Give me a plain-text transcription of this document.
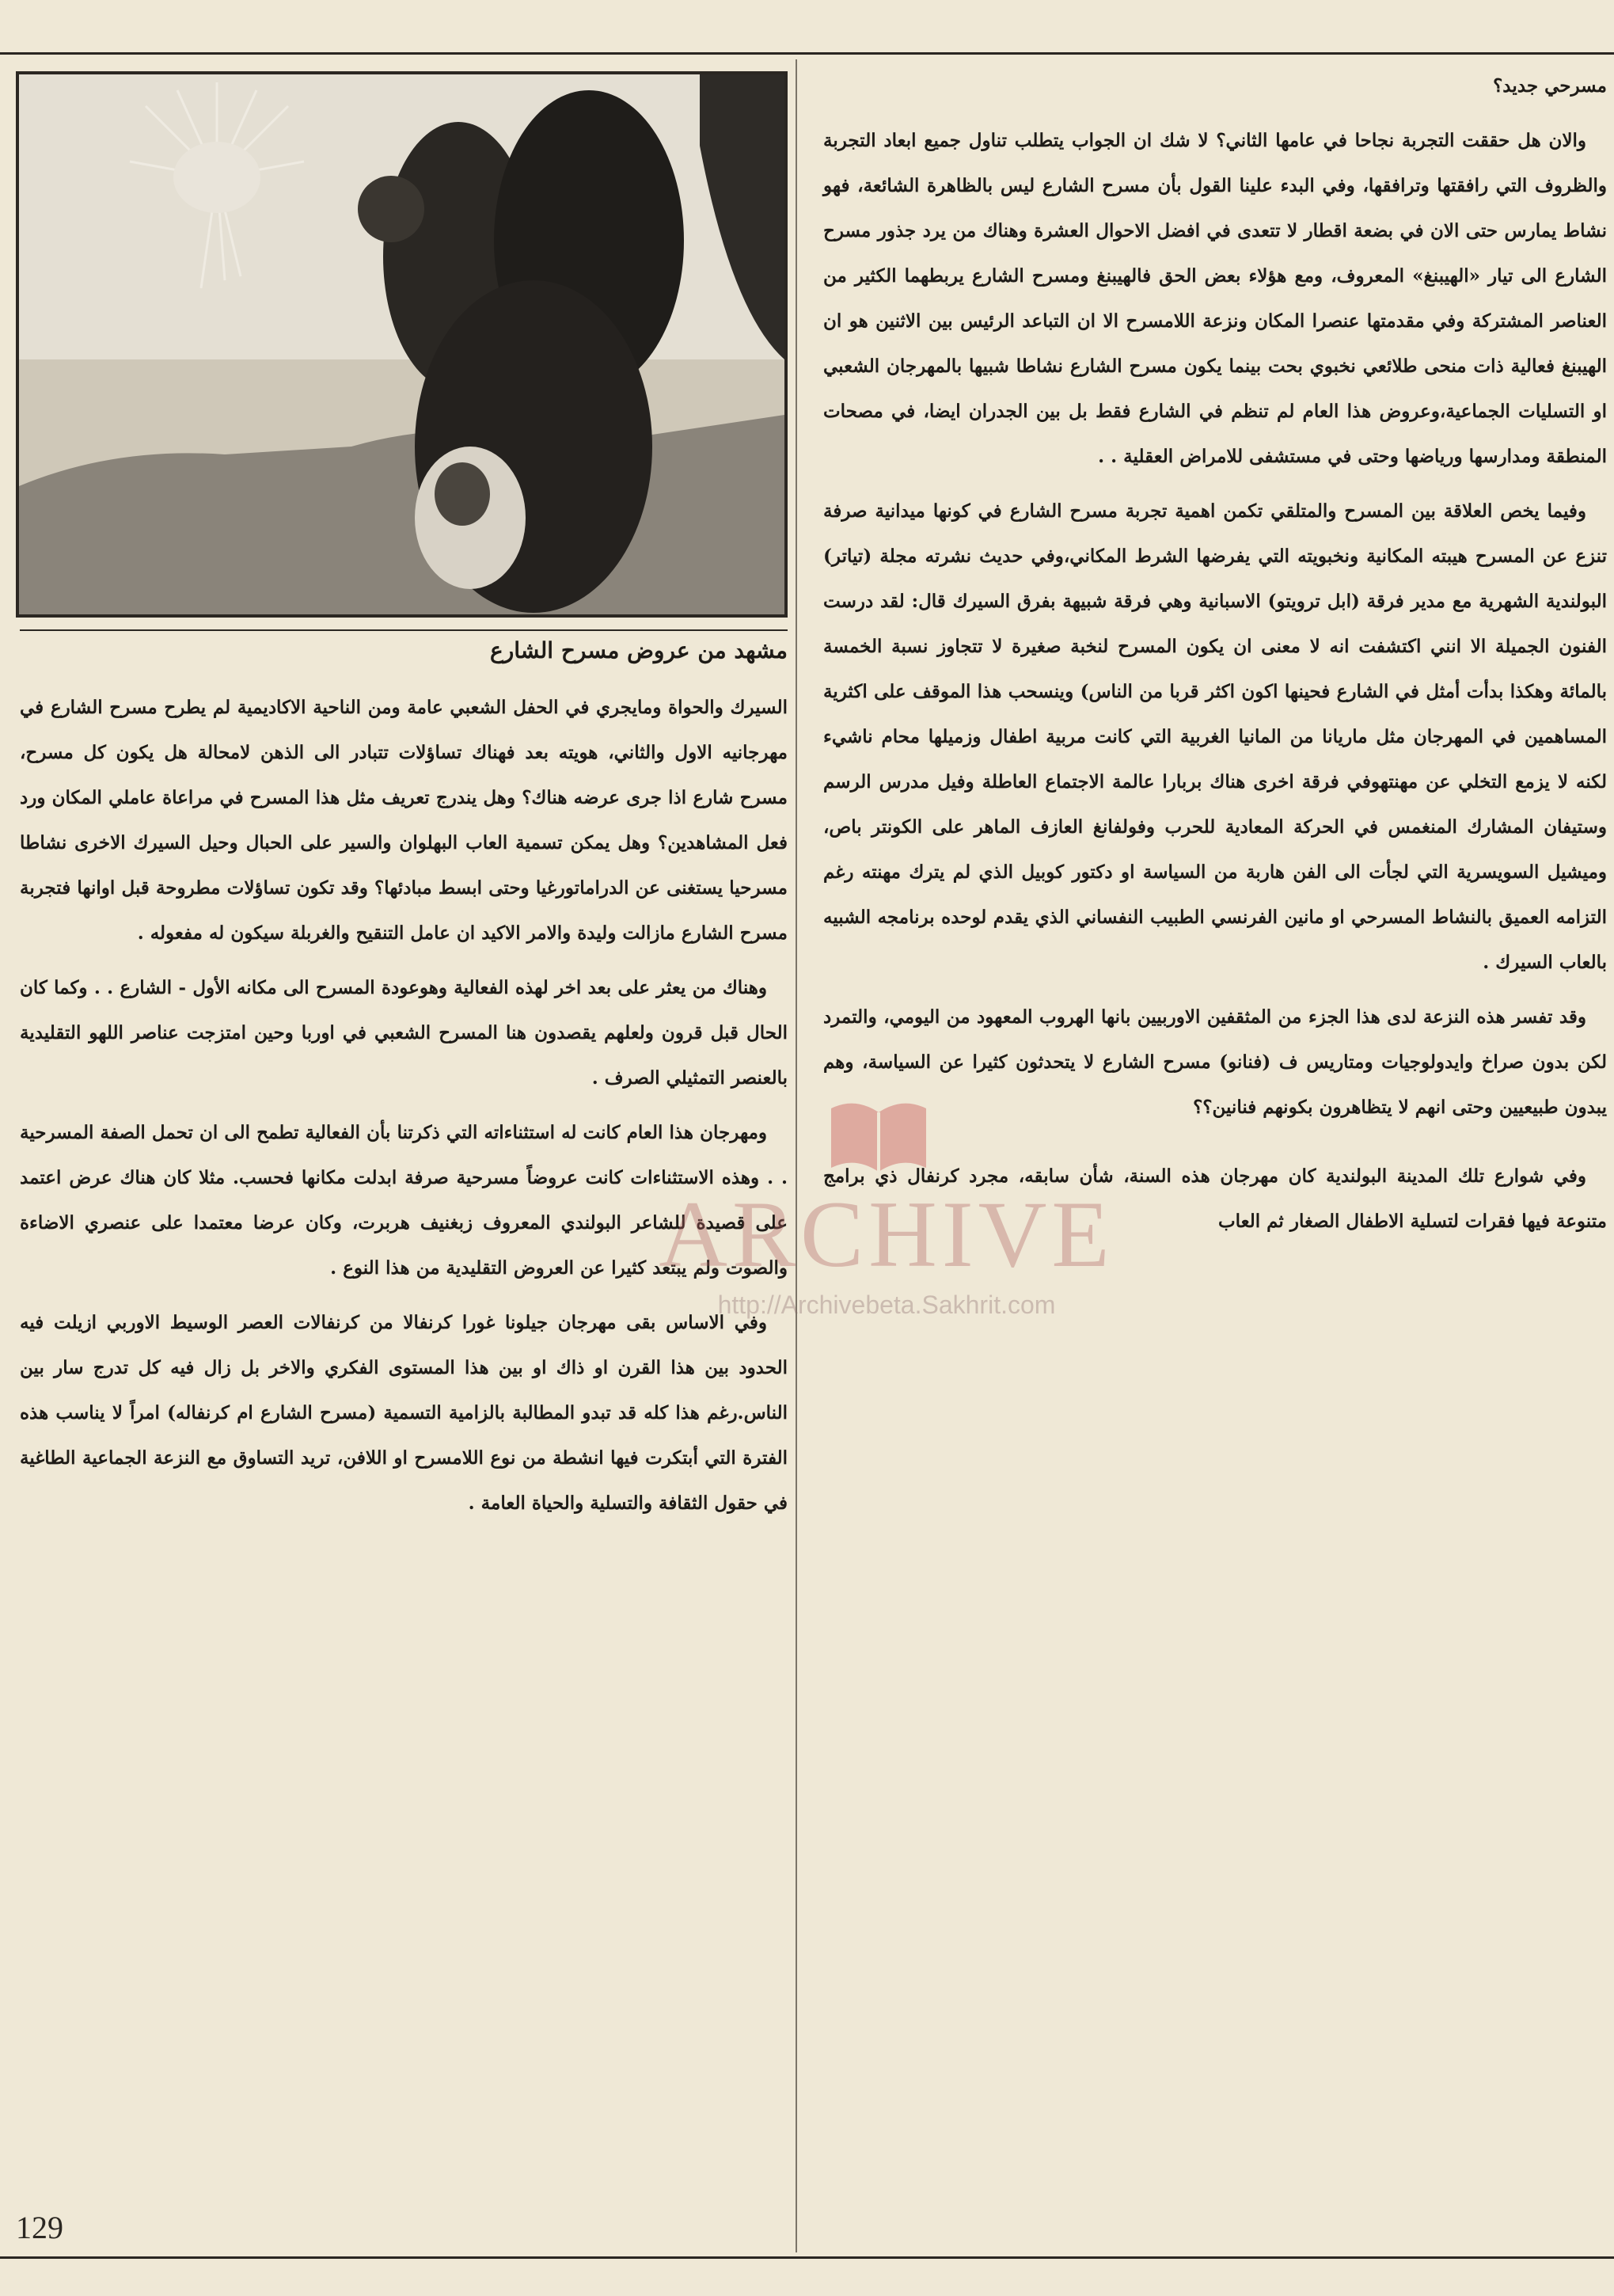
مشهد من عروض مسرح الشارع

مسرحي جديد؟

والان هل حققت التجربة نجاحا في عامها الثاني؟ لا شك ان الجواب يتطلب تناول جميع ابعاد التجربة والظروف التي رافقتها وترافقها، وفي البدء علينا القول بأن مسرح الشارع ليس بالظاهرة الشائعة، فهو نشاط يمارس حتى الان في بضعة اقطار لا تتعدى في افضل الاحوال العشرة وهناك من يرد جذور مسرح الشارع الى تيار «الهيبنغ» المعروف، ومع هؤلاء بعض الحق فالهيبنغ ومسرح الشارع يربطهما الكثير من العناصر المشتركة وفي مقدمتها عنصرا المكان ونزعة اللامسرح الا ان التباعد الرئيس بين الاثنين هو ان الهيبنغ فعالية ذات منحى طلائعي نخبوي بحت بينما يكون مسرح الشارع نشاطا شبيها بالمهرجان الشعبي او التسليات الجماعية،وعروض هذا العام لم تنظم في الشارع فقط بل بين الجدران ايضا، في مصحات المنطقة ومدارسها ورياضها وحتى في مستشفى للامراض العقلية . .

وفيما يخص العلاقة بين المسرح والمتلقي تكمن اهمية تجربة مسرح الشارع في كونها ميدانية صرفة تنزع عن المسرح هيبته المكانية ونخبويته التي يفرضها الشرط المكاني،وفي حديث نشرته مجلة (تياتر) البولندية الشهرية مع مدير فرقة (ابل ترويتو) الاسبانية وهي فرقة شبيهة بفرق السيرك قال: لقد درست الفنون الجميلة الا انني اكتشفت انه لا معنى ان يكون المسرح لنخبة صغيرة لا تتجاوز نسبة الخمسة بالمائة وهكذا بدأت أمثل في الشارع فحينها اكون اكثر قربا من الناس) وينسحب هذا الموقف على اكثرية المساهمين في المهرجان مثل ماريانا من المانيا الغربية التي كانت مربية اطفال وزميلها محام ناشيء لكنه لا يزمع التخلي عن مهنتهوفي فرقة اخرى هناك بربارا عالمة الاجتماع العاطلة وفيل مدرس الرسم وستيفان المشارك المنغمس في الحركة المعادية للحرب وفولفانغ العازف الماهر على الكونتر باص، وميشيل السويسرية التي لجأت الى الفن هاربة من السياسة او دكتور كوبيل الذي لم يترك مهنته رغم التزامه العميق بالنشاط المسرحي او مانين الفرنسي الطبيب النفساني الذي يقدم لوحده برنامجه الشبيه بالعاب السيرك .

وقد تفسر هذه النزعة لدى هذا الجزء من المثقفين الاوربيين بانها الهروب المعهود من اليومي، والتمرد لكن بدون صراخ وايدولوجيات ومتاريس ف (فنانو) مسرح الشارع لا يتحدثون كثيرا عن السياسة، وهم يبدون طبيعيين وحتى انهم لا يتظاهرون بكونهم فنانين؟؟

وفي شوارع تلك المدينة البولندية كان مهرجان هذه السنة، شأن سابقه، مجرد كرنفال ذي برامج متنوعة فيها فقرات لتسلية الاطفال الصغار ثم العاب

السيرك والحواة ومايجري في الحفل الشعبي عامة ومن الناحية الاكاديمية لم يطرح مسرح الشارع في مهرجانيه الاول والثاني، هويته بعد فهناك تساؤلات تتبادر الى الذهن لامحالة هل يكون كل مسرح، مسرح شارع اذا جرى عرضه هناك؟ وهل يندرج تعريف مثل هذا المسرح في مراعاة عاملي المكان ورد فعل المشاهدين؟ وهل يمكن تسمية العاب البهلوان والسير على الحبال وحيل السيرك الاخرى نشاطا مسرحيا يستغنى عن الدراماتورغيا وحتى ابسط مبادئها؟ وقد تكون تساؤلات مطروحة قبل اوانها فتجربة مسرح الشارع مازالت وليدة والامر الاكيد ان عامل التنقيح والغربلة سيكون له مفعوله .

وهناك من يعثر على بعد اخر لهذه الفعالية وهوعودة المسرح الى مكانه الأول - الشارع . . وكما كان الحال قبل قرون ولعلهم يقصدون هنا المسرح الشعبي في اوربا وحين امتزجت عناصر اللهو التقليدية بالعنصر التمثيلي الصرف .

ومهرجان هذا العام كانت له استثناءاته التي ذكرتنا بأن الفعالية تطمح الى ان تحمل الصفة المسرحية . . وهذه الاستثناءات كانت عروضاً مسرحية صرفة ابدلت مكانها فحسب. مثلا كان هناك عرض اعتمد على قصيدة للشاعر البولندي المعروف زبغنيف هربرت، وكان عرضا معتمدا على عنصري الاضاءة والصوت ولم يبتعد كثيرا عن العروض التقليدية من هذا النوع .

وفي الاساس بقى مهرجان جيلونا غورا كرنفالا من كرنفالات العصر الوسيط الاوربي ازيلت فيه الحدود بين هذا القرن او ذاك او بين هذا المستوى الفكري والاخر بل زال فيه كل تدرج سار بين الناس.رغم هذا كله قد تبدو المطالبة بالزامية التسمية (مسرح الشارع ام كرنفاله) امراً لا يناسب هذه الفترة التي أبتكرت فيها انشطة من نوع اللامسرح او اللافن، تريد التساوق مع النزعة الجماعية الطاغية في حقول الثقافة والتسلية والحياة العامة .

ARCHIVE
http://Archivebeta.Sakhrit.com
129
